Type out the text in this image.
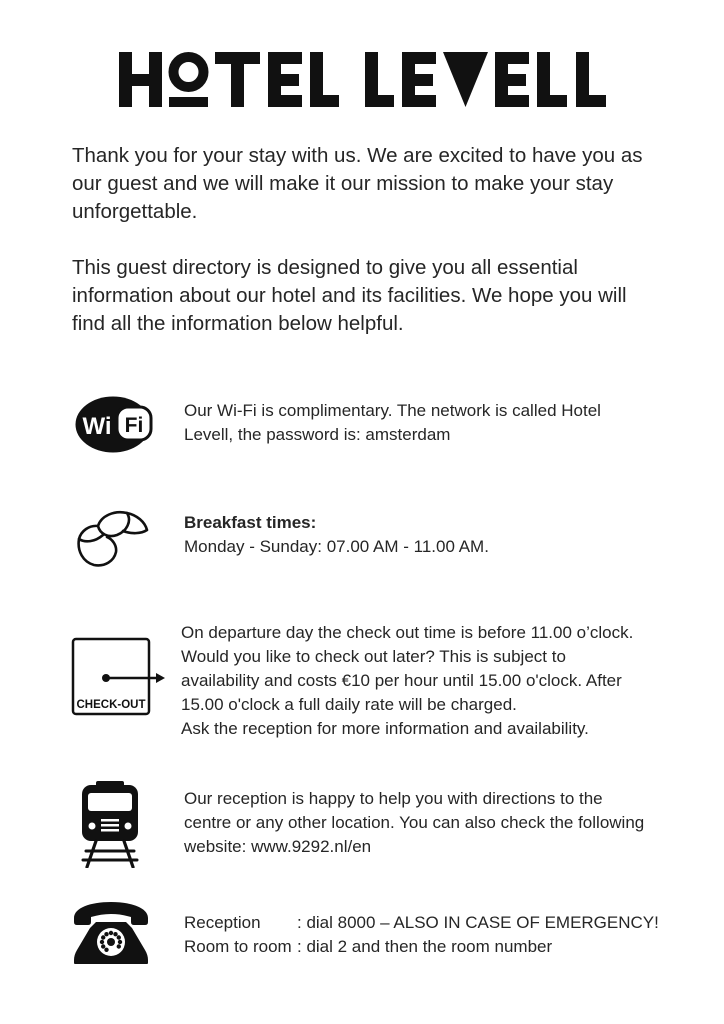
Thank you for your stay with us. We are excited to have you as
our guest and we will make it our mission to make your stay
unforgettable.
This guest directory is designed to give you all essential
information about our hotel and its facilities. We hope you will
find all the information below helpful.
Wi Fi
Our Wi-Fi is complimentary. The network is called Hotel
Levell, the password is: amsterdam
Breakfast times:
Monday - Sunday: 07.00 AM - 11.00 AM.
CHECK-OUT
On departure day the check out time is before 11.00 o’clock.
Would you like to check out later? This is subject to
availability and costs €10 per hour until 15.00 o'clock. After
15.00 o'clock a full daily rate will be charged.
Ask the reception for more information and availability.
Our reception is happy to help you with directions to the
centre or any other location. You can also check the following
website: www.9292.nl/en
Reception	: dial 8000 – ALSO IN CASE OF EMERGENCY!
Room to room : dial 2 and then the room number
